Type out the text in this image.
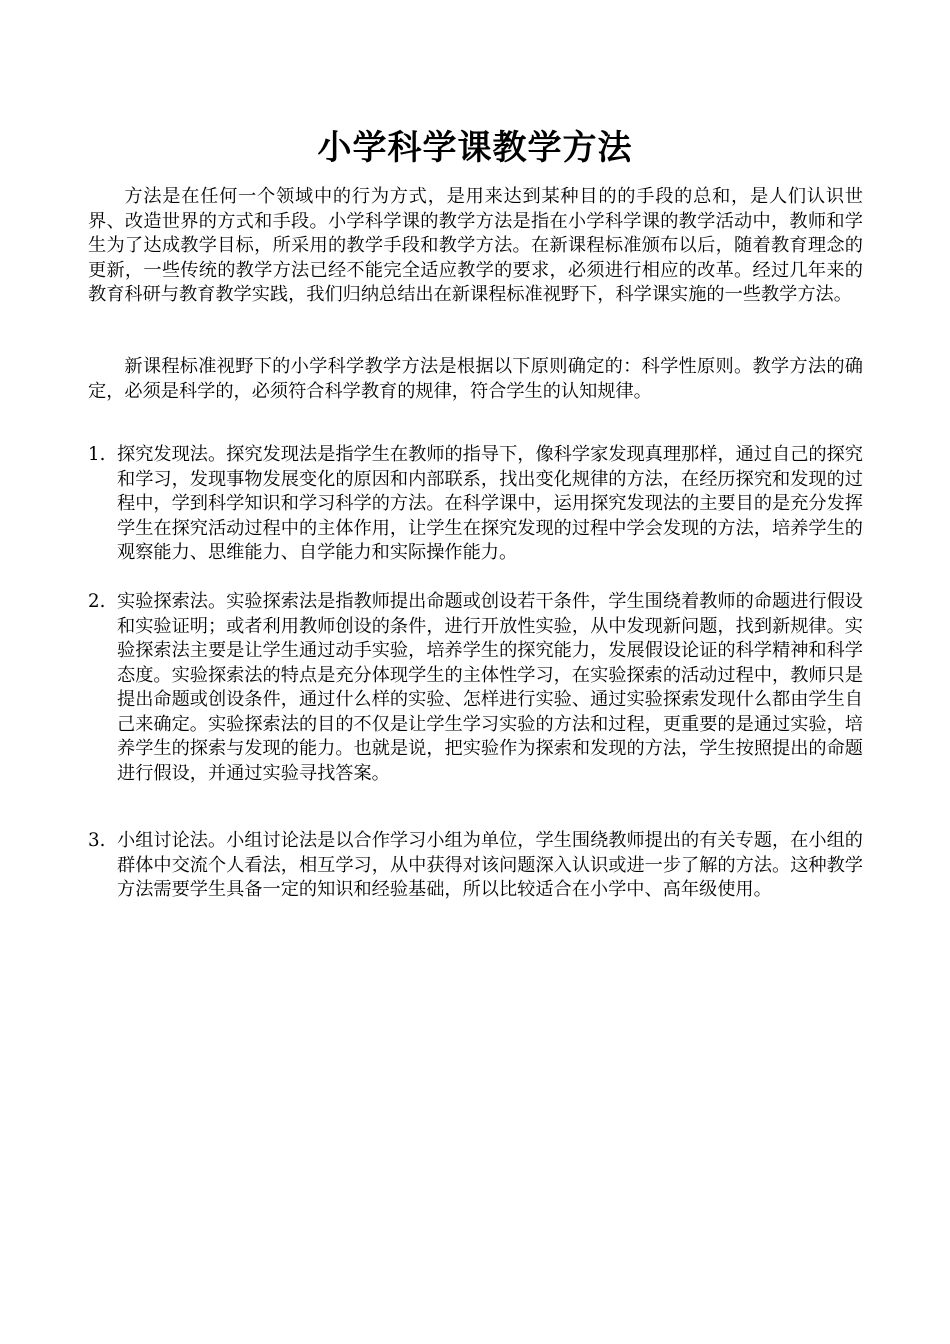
小学科学课教学方法

方法是在任何一个领域中的行为方式，是用来达到某种目的的手段的总和，是人们认识世界、改造世界的方式和手段。小学科学课的教学方法是指在小学科学课的教学活动中，教师和学生为了达成教学目标，所采用的教学手段和教学方法。在新课程标准颁布以后，随着教育理念的更新，一些传统的教学方法已经不能完全适应教学的要求，必须进行相应的改革。经过几年来的教育科研与教育教学实践，我们归纳总结出在新课程标准视野下，科学课实施的一些教学方法。

新课程标准视野下的小学科学教学方法是根据以下原则确定的：科学性原则。教学方法的确定，必须是科学的，必须符合科学教育的规律，符合学生的认知规律。

1. 探究发现法。探究发现法是指学生在教师的指导下，像科学家发现真理那样，通过自己的探究和学习，发现事物发展变化的原因和内部联系，找出变化规律的方法，在经历探究和发现的过程中，学到科学知识和学习科学的方法。在科学课中，运用探究发现法的主要目的是充分发挥学生在探究活动过程中的主体作用，让学生在探究发现的过程中学会发现的方法，培养学生的观察能力、思维能力、自学能力和实际操作能力。
2. 实验探索法。实验探索法是指教师提出命题或创设若干条件，学生围绕着教师的命题进行假设和实验证明；或者利用教师创设的条件，进行开放性实验，从中发现新问题，找到新规律。实验探索法主要是让学生通过动手实验，培养学生的探究能力，发展假设论证的科学精神和科学态度。实验探索法的特点是充分体现学生的主体性学习，在实验探索的活动过程中，教师只是提出命题或创设条件，通过什么样的实验、怎样进行实验、通过实验探索发现什么都由学生自己来确定。实验探索法的目的不仅是让学生学习实验的方法和过程，更重要的是通过实验，培养学生的探索与发现的能力。也就是说，把实验作为探索和发现的方法，学生按照提出的命题进行假设，并通过实验寻找答案。
3. 小组讨论法。小组讨论法是以合作学习小组为单位，学生围绕教师提出的有关专题，在小组的群体中交流个人看法，相互学习，从中获得对该问题深入认识或进一步了解的方法。这种教学方法需要学生具备一定的知识和经验基础，所以比较适合在小学中、高年级使用。
